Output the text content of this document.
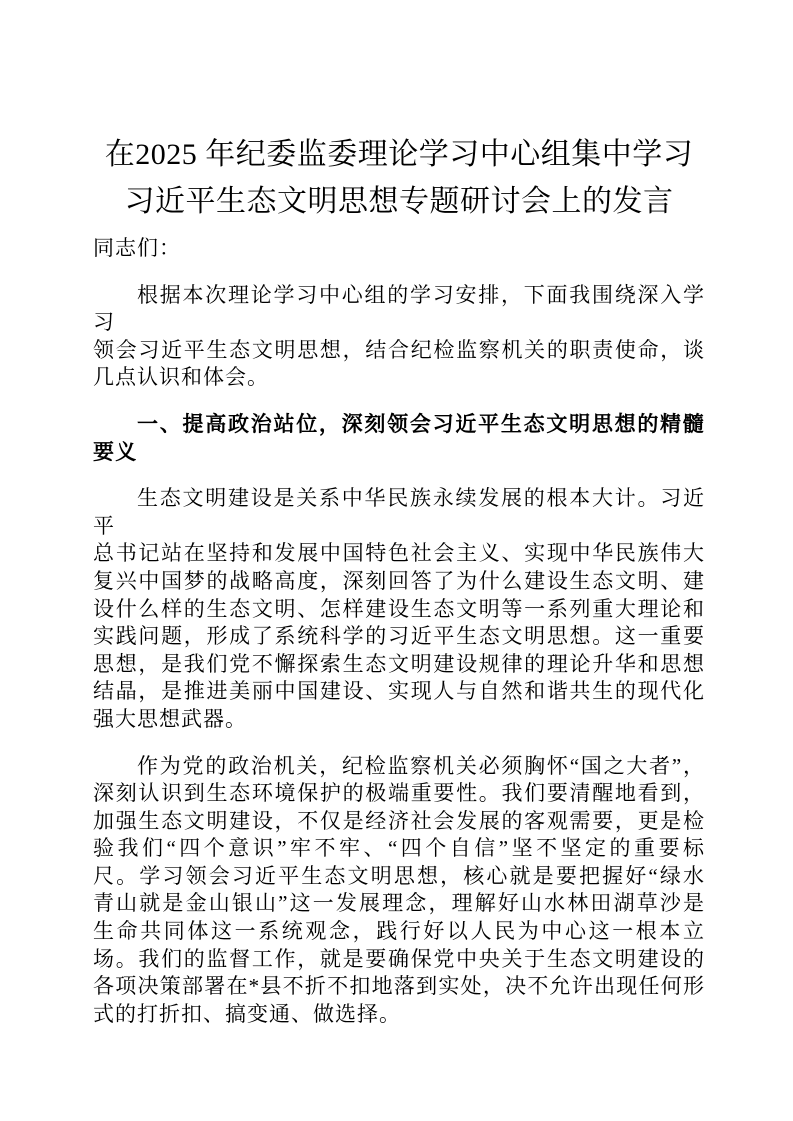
在2025 年纪委监委理论学习中心组集中学习
习近平生态文明思想专题研讨会上的发言
同志们：
根据本次理论学习中心组的学习安排，下面我围绕深入学习
领会习近平生态文明思想，结合纪检监察机关的职责使命，谈
几点认识和体会。
一、提高政治站位，深刻领会习近平生态文明思想的精髓
要义
生态文明建设是关系中华民族永续发展的根本大计。习近平
总书记站在坚持和发展中国特色社会主义、实现中华民族伟大
复兴中国梦的战略高度，深刻回答了为什么建设生态文明、建
设什么样的生态文明、怎样建设生态文明等一系列重大理论和
实践问题，形成了系统科学的习近平生态文明思想。这一重要
思想，是我们党不懈探索生态文明建设规律的理论升华和思想
结晶，是推进美丽中国建设、实现人与自然和谐共生的现代化
强大思想武器。
作为党的政治机关，纪检监察机关必须胸怀“国之大者”，
深刻认识到生态环境保护的极端重要性。我们要清醒地看到，
加强生态文明建设，不仅是经济社会发展的客观需要，更是检
验我们“四个意识”牢不牢、“四个自信”坚不坚定的重要标
尺。学习领会习近平生态文明思想，核心就是要把握好“绿水
青山就是金山银山”这一发展理念，理解好山水林田湖草沙是
生命共同体这一系统观念，践行好以人民为中心这一根本立
场。我们的监督工作，就是要确保党中央关于生态文明建设的
各项决策部署在*县不折不扣地落到实处，决不允许出现任何形
式的打折扣、搞变通、做选择。
